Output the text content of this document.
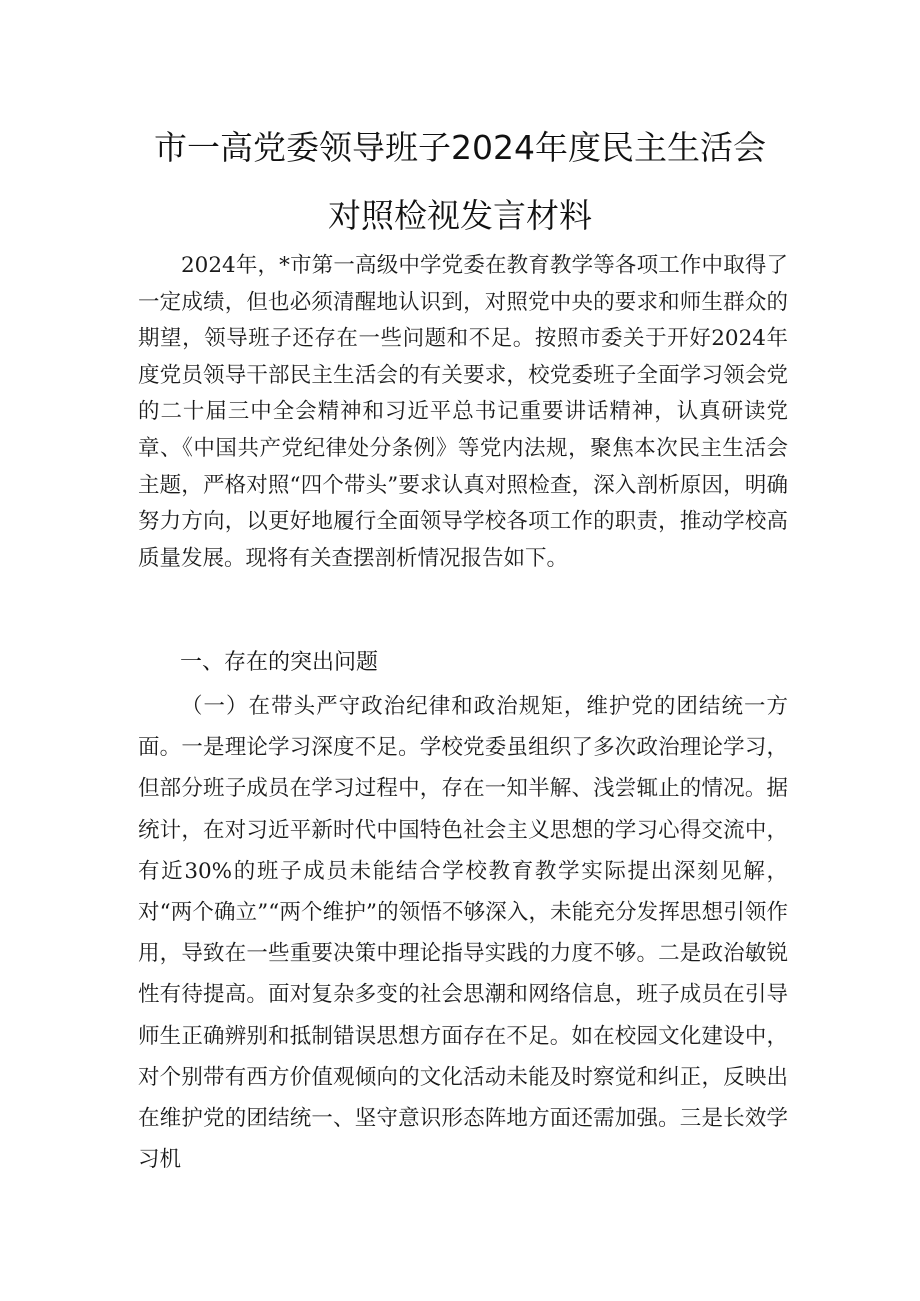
市一高党委领导班子2024年度民主生活会
对照检视发言材料

2024年，*市第一高级中学党委在教育教学等各项工作中取得了一定成绩，但也必须清醒地认识到，对照党中央的要求和师生群众的期望，领导班子还存在一些问题和不足。按照市委关于开好2024年度党员领导干部民主生活会的有关要求，校党委班子全面学习领会党的二十届三中全会精神和习近平总书记重要讲话精神，认真研读党章、《中国共产党纪律处分条例》等党内法规，聚焦本次民主生活会主题，严格对照“四个带头”要求认真对照检查，深入剖析原因，明确努力方向，以更好地履行全面领导学校各项工作的职责，推动学校高质量发展。现将有关查摆剖析情况报告如下。

一、存在的突出问题

（一）在带头严守政治纪律和政治规矩，维护党的团结统一方面。一是理论学习深度不足。学校党委虽组织了多次政治理论学习，但部分班子成员在学习过程中，存在一知半解、浅尝辄止的情况。据统计，在对习近平新时代中国特色社会主义思想的学习心得交流中，有近30%的班子成员未能结合学校教育教学实际提出深刻见解，对“两个确立”“两个维护”的领悟不够深入，未能充分发挥思想引领作用，导致在一些重要决策中理论指导实践的力度不够。二是政治敏锐性有待提高。面对复杂多变的社会思潮和网络信息，班子成员在引导师生正确辨别和抵制错误思想方面存在不足。如在校园文化建设中，对个别带有西方价值观倾向的文化活动未能及时察觉和纠正，反映出在维护党的团结统一、坚守意识形态阵地方面还需加强。三是长效学习机
